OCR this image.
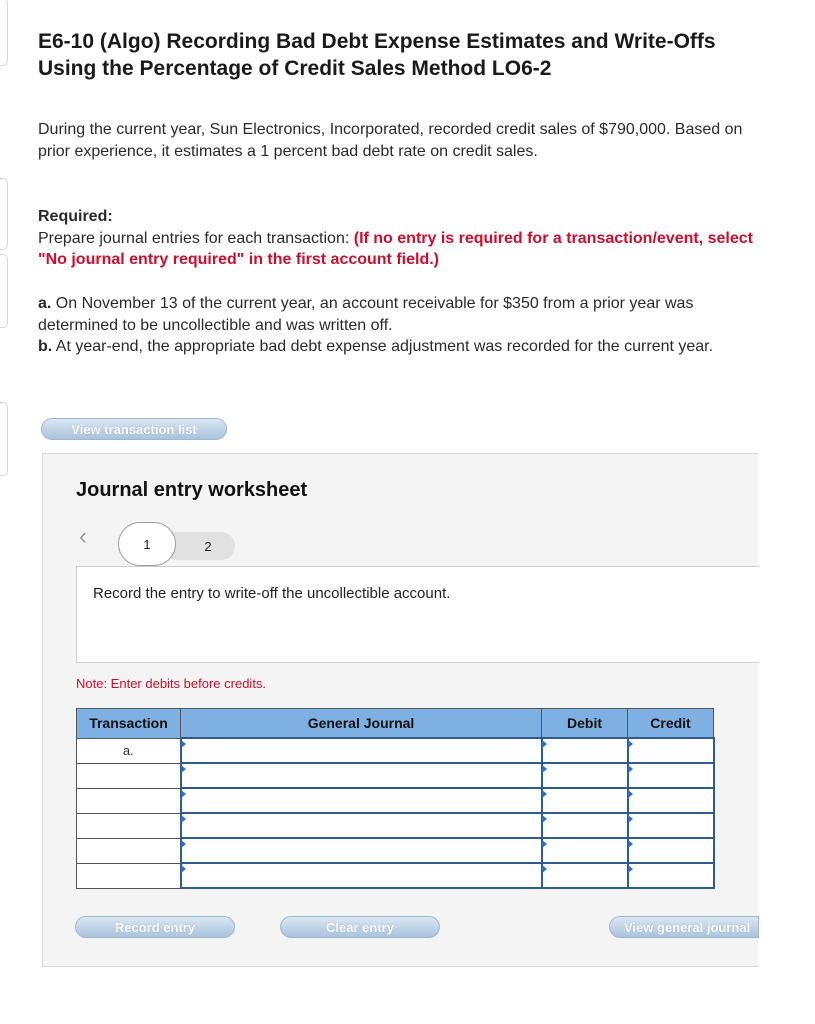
E6-10 (Algo) Recording Bad Debt Expense Estimates and Write-Offs Using the Percentage of Credit Sales Method LO6-2

During the current year, Sun Electronics, Incorporated, recorded credit sales of $790,000. Based on prior experience, it estimates a 1 percent bad debt rate on credit sales.

Required:
Prepare journal entries for each transaction: (If no entry is required for a transaction/event, select "No journal entry required" in the first account field.)
a. On November 13 of the current year, an account receivable for $350 from a prior year was determined to be uncollectible and was written off.
b. At year-end, the appropriate bad debt expense adjustment was recorded for the current year.
View transaction list
Journal entry worksheet
‹	2
1
Record the entry to write-off the uncollectible account.
Note: Enter debits before credits.
Transaction	General Journal	Debit	Credit
a.			

Record entry	Clear entry	View general journal
